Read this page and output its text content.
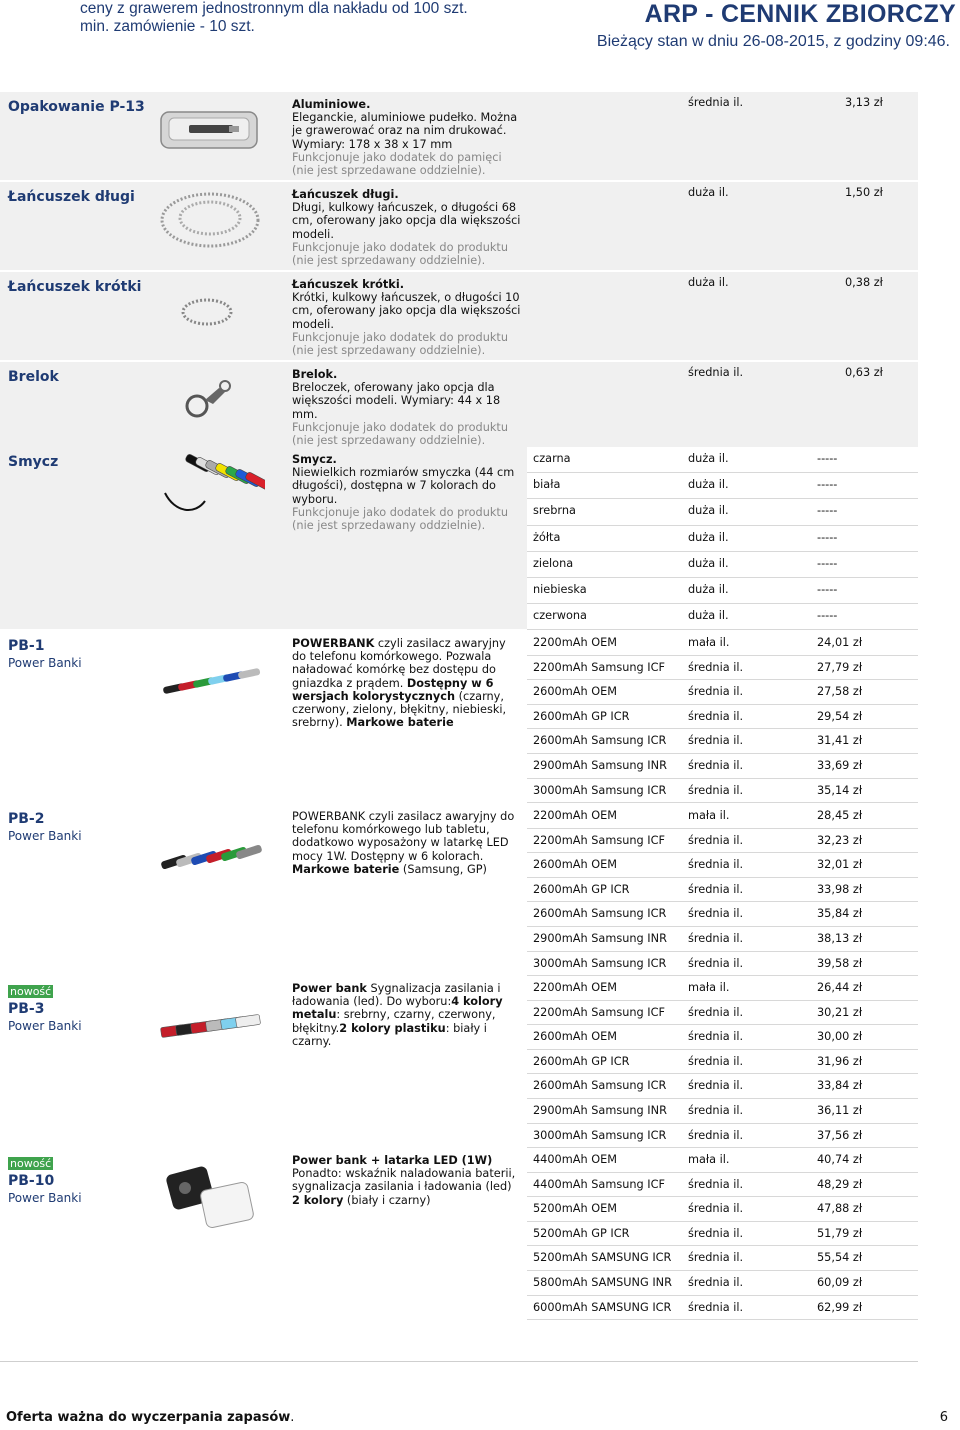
ceny z grawerem jednostronnym dla nakładu od 100 szt.
min. zamówienie - 10 szt.	ARP - CENNIK ZBIORCZY
Bieżący stan w dniu 26-08-2015, z godziny 09:46.
Opakowanie P-13	Aluminiowe.
Eleganckie, aluminiowe pudełko. Można je grawerować oraz na nim drukować. Wymiary: 178 x 38 x 17 mm
Funkcjonuje jako dodatek do pamięci (nie jest sprzedawane oddzielnie).
średnia il.	3,13 zł
Łańcuszek długi	Łańcuszek długi.
Długi, kulkowy łańcuszek, o długości 68 cm, oferowany jako opcja dla większości modeli.
Funkcjonuje jako dodatek do produktu (nie jest sprzedawany oddzielnie).
duża il.	1,50 zł
Łańcuszek krótki	Łańcuszek krótki.
Krótki, kulkowy łańcuszek, o długości 10 cm, oferowany jako opcja dla większości modeli.
Funkcjonuje jako dodatek do produktu (nie jest sprzedawany oddzielnie).
duża il.	0,38 zł
Brelok	Brelok.
Breloczek, oferowany jako opcja dla większości modeli. Wymiary: 44 x 18 mm.
Funkcjonuje jako dodatek do produktu (nie jest sprzedawany oddzielnie).
średnia il.	0,63 zł
Smycz	Smycz.
Niewielkich rozmiarów smyczka (44 cm długości), dostępna w 7 kolorach do wyboru.
Funkcjonuje jako dodatek do produktu (nie jest sprzedawany oddzielnie).
czarna	duża il.	-----
biała	duża il.	-----
srebrna	duża il.	-----
żółta	duża il.	-----
zielona	duża il.	-----
niebieska	duża il.	-----
czerwona	duża il.	-----
PB-1
Power Banki
POWERBANK czyli zasilacz awaryjny do telefonu komórkowego. Pozwala naładować komórkę bez dostępu do gniazdka z prądem. Dostępny w 6 wersjach kolorystycznych (czarny, czerwony, zielony, błękitny, niebieski, srebrny). Markowe baterie
2200mAh OEM	mała il.	24,01 zł
2200mAh Samsung ICF średnia il.	27,79 zł
2600mAh OEM	średnia il.	27,58 zł
2600mAh GP ICR	średnia il.	29,54 zł
2600mAh Samsung ICR średnia il.	31,41 zł
2900mAh Samsung INR średnia il.	33,69 zł
3000mAh Samsung ICR średnia il.	35,14 zł
PB-2
Power Banki
POWERBANK czyli zasilacz awaryjny do telefonu komórkowego lub tabletu, dodatkowo wyposażony w latarkę LED mocy 1W. Dostępny w 6 kolorach. Markowe baterie (Samsung, GP)
2200mAh OEM	mała il.	28,45 zł
2200mAh Samsung ICF średnia il.	32,23 zł
2600mAh OEM	średnia il.	32,01 zł
2600mAh GP ICR	średnia il.	33,98 zł
2600mAh Samsung ICR średnia il.	35,84 zł
2900mAh Samsung INR średnia il.	38,13 zł
3000mAh Samsung ICR średnia il.	39,58 zł
nowość
PB-3
Power Banki
Power bank Sygnalizacja zasilania i ładowania (led). Do wyboru:4 kolory metalu: srebrny, czarny, czerwony, błękitny.2 kolory plastiku: biały i czarny.
2200mAh OEM	mała il.	26,44 zł
2200mAh Samsung ICF średnia il.	30,21 zł
2600mAh OEM	średnia il.	30,00 zł
2600mAh GP ICR	średnia il.	31,96 zł
2600mAh Samsung ICR średnia il.	33,84 zł
2900mAh Samsung INR średnia il.	36,11 zł
3000mAh Samsung ICR średnia il.	37,56 zł
nowość
PB-10
Power Banki
Power bank + latarka LED (1W) Ponadto: wskaźnik naladowania baterii, sygnalizacja zasilania i ładowania (led) 2 kolory (biały i czarny)
4400mAh OEM	mała il.	40,74 zł
4400mAh Samsung ICF średnia il.	48,29 zł
5200mAh OEM	średnia il.	47,88 zł
5200mAh GP ICR	średnia il.	51,79 zł
5200mAh SAMSUNG ICR średnia il.	55,54 zł
5800mAh SAMSUNG INR średnia il.	60,09 zł
6000mAh SAMSUNG ICR średnia il.	62,99 zł
Oferta ważna do wyczerpania zapasów.	6
